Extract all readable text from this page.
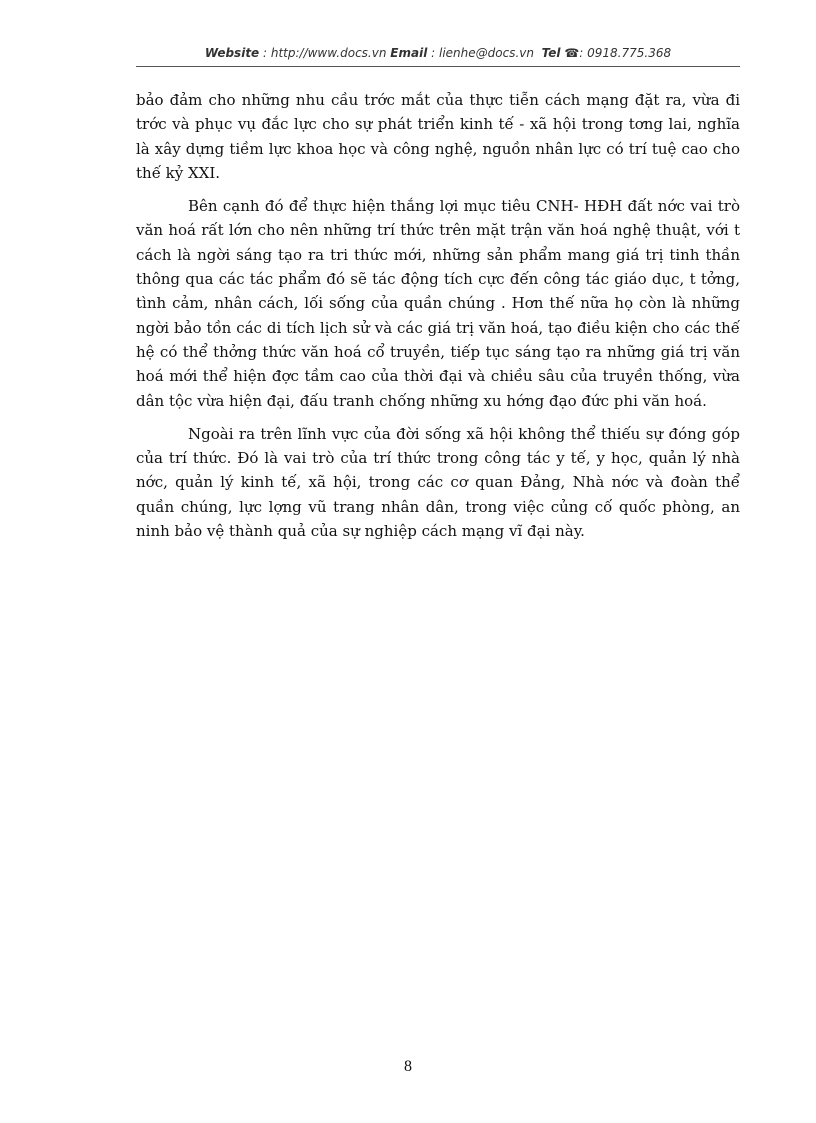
Website : http://www.docs.vn Email : lienhe@docs.vn Tel ☎: 0918.775.368

bảo đảm cho những nhu cầu trớc mắt của thực tiễn cách mạng đặt ra, vừa đi trớc và phục vụ đắc lực cho sự phát triển kinh tế - xã hội trong tơng lai, nghĩa là xây dựng tiềm lực khoa học và công nghệ, nguồn nhân lực có trí tuệ cao cho thế kỷ XXI.

Bên cạnh đó để thực hiện thắng lợi mục tiêu CNH- HĐH đất nớc vai trò văn hoá rất lớn cho nên những trí thức trên mặt trận văn hoá nghệ thuật, với t cách là ngời sáng tạo ra tri thức mới, những sản phẩm mang giá trị tinh thần thông qua các tác phẩm đó sẽ tác động tích cực đến công tác giáo dục, t tởng, tình cảm, nhân cách, lối sống của quần chúng . Hơn thế nữa họ còn là những ngời bảo tồn các di tích lịch sử và các giá trị văn hoá, tạo điều kiện cho các thế hệ có thể thởng thức văn hoá cổ truyền, tiếp tục sáng tạo ra những giá trị văn hoá mới thể hiện đợc tầm cao của thời đại và chiều sâu của truyền thống, vừa dân tộc vừa hiện đại, đấu tranh chống những xu hớng đạo đức phi văn hoá.

Ngoài ra trên lĩnh vực của đời sống xã hội không thể thiếu sự đóng góp của trí thức. Đó là vai trò của trí thức trong công tác y tế, y học, quản lý nhà nớc, quản lý kinh tế, xã hội, trong các cơ quan Đảng, Nhà nớc và đoàn thể quần chúng, lực lợng vũ trang nhân dân, trong việc củng cố quốc phòng, an ninh bảo vệ thành quả của sự nghiệp cách mạng vĩ đại này.

8
